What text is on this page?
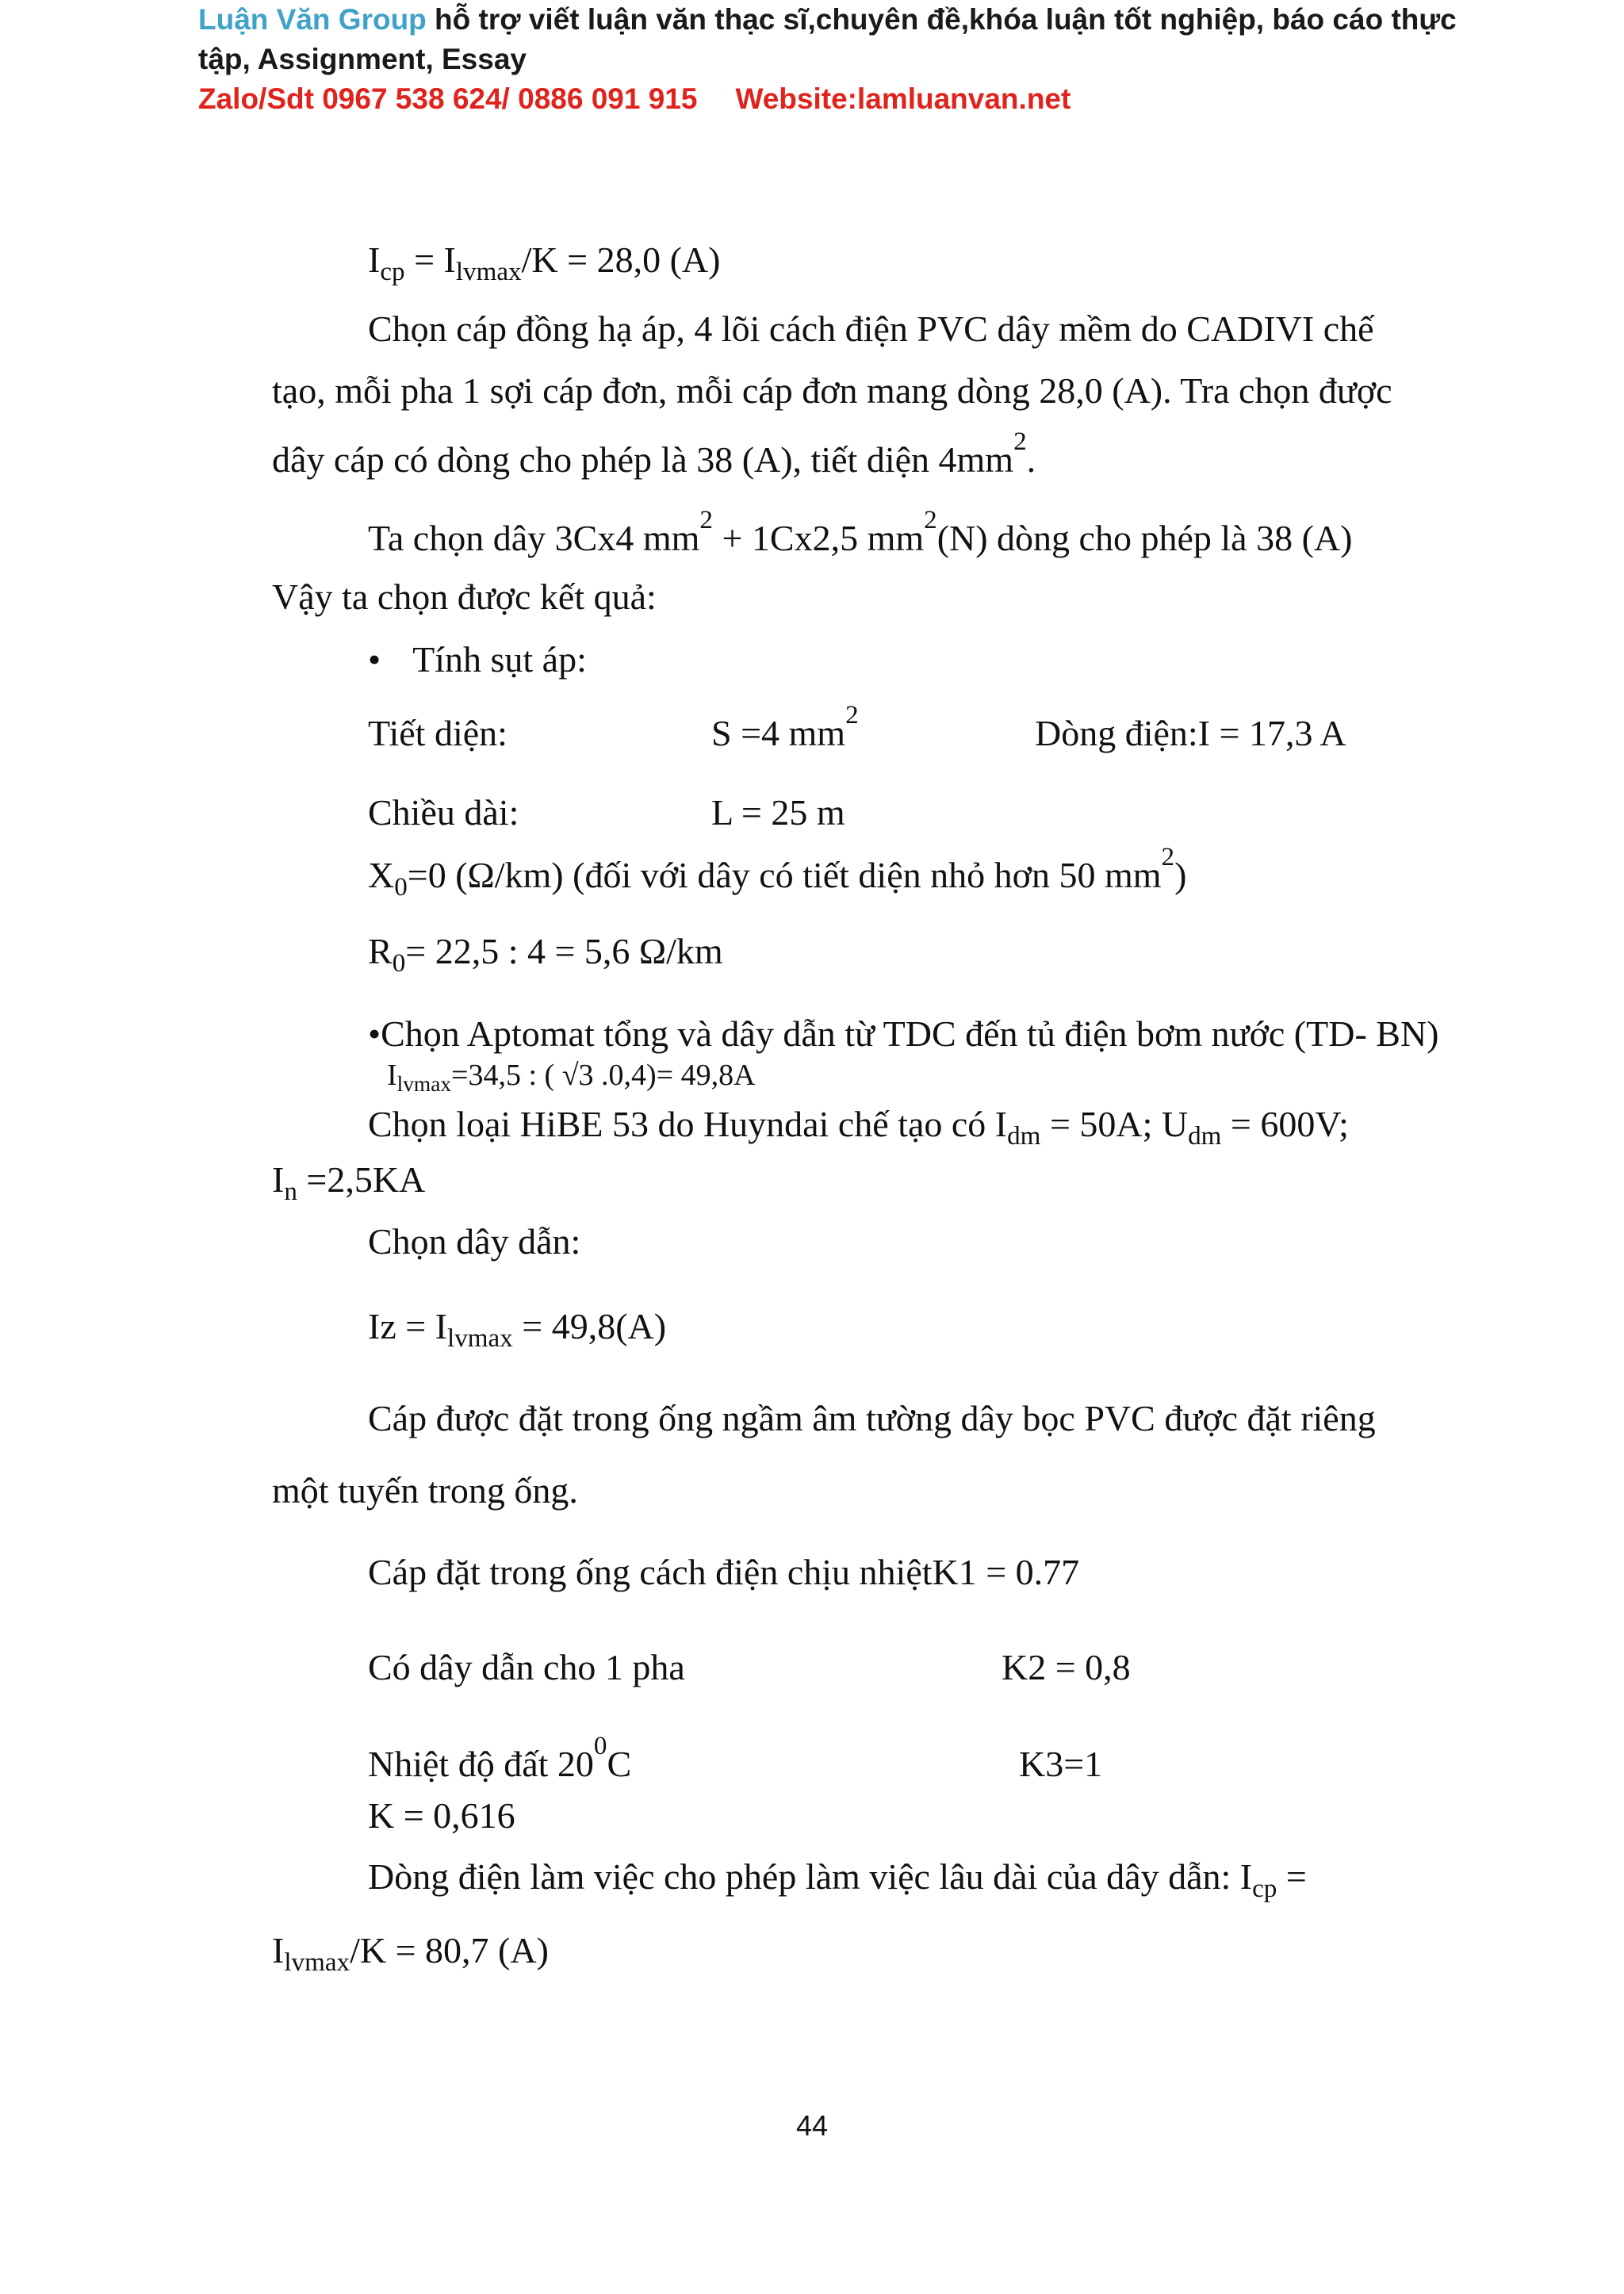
Luận Văn Group hỗ trợ viết luận văn thạc sĩ,chuyên đề,khóa luận tốt nghiệp, báo cáo thực
tập, Assignment, Essay
Zalo/Sdt 0967 538 624/ 0886 091 915 Website:lamluanvan.net
$I_{cp} = I_{lvmax}/K = 28,0$ (A)
Chọn cáp đồng hạ áp, 4 lõi cách điện PVC dây mềm do CADIVI chế
tạo, mỗi pha 1 sợi cáp đơn, mỗi cáp đơn mang dòng 28,0 (A). Tra chọn được
dây cáp có dòng cho phép là 38 (A), tiết diện $4mm^2$.
Ta chọn dây 3Cx4 $mm^2 + 1Cx2,5$ $mm^2(N)$ dòng cho phép là 38 (A)
Vậy ta chọn được kết quả:
• Tính sụt áp:
Tiết diện:	S =4 $mm^2$	Dòng điện:I = 17,3 A
Chiều dài:	L = 25 m
$X_0=0$ (Ω/km) (đối với dây có tiết diện nhỏ hơn 50 $mm^2$)
$R_0= 22,5$ : 4 = 5,6 Ω/km
•Chọn Aptomat tổng và dây dẫn từ TDC đến tủ điện bơm nước (TD- BN)
$I_{lvmax}=34,5$ : ( √3 .0,4)= 49,8A
Chọn loại HiBE 53 do Huyndai chế tạo có $I_{dm} = 50A$; $U_{dm} = 600V$;
$I_n =2,5KA$
Chọn dây dẫn:
$Iz = I_{lvmax} = 49,8(A)$
Cáp được đặt trong ống ngầm âm tường dây bọc PVC được đặt riêng
một tuyến trong ống.
Cáp đặt trong ống cách điện chịu nhiệtK1 = 0.77
Có dây dẫn cho 1 pha	K2 = 0,8
Nhiệt độ đất $20^0C$	K3=1
K = 0,616
Dòng điện làm việc cho phép làm việc lâu dài của dây dẫn: $I_{cp}$ =
$I_{lvmax}/K = 80,7$ (A)
44
